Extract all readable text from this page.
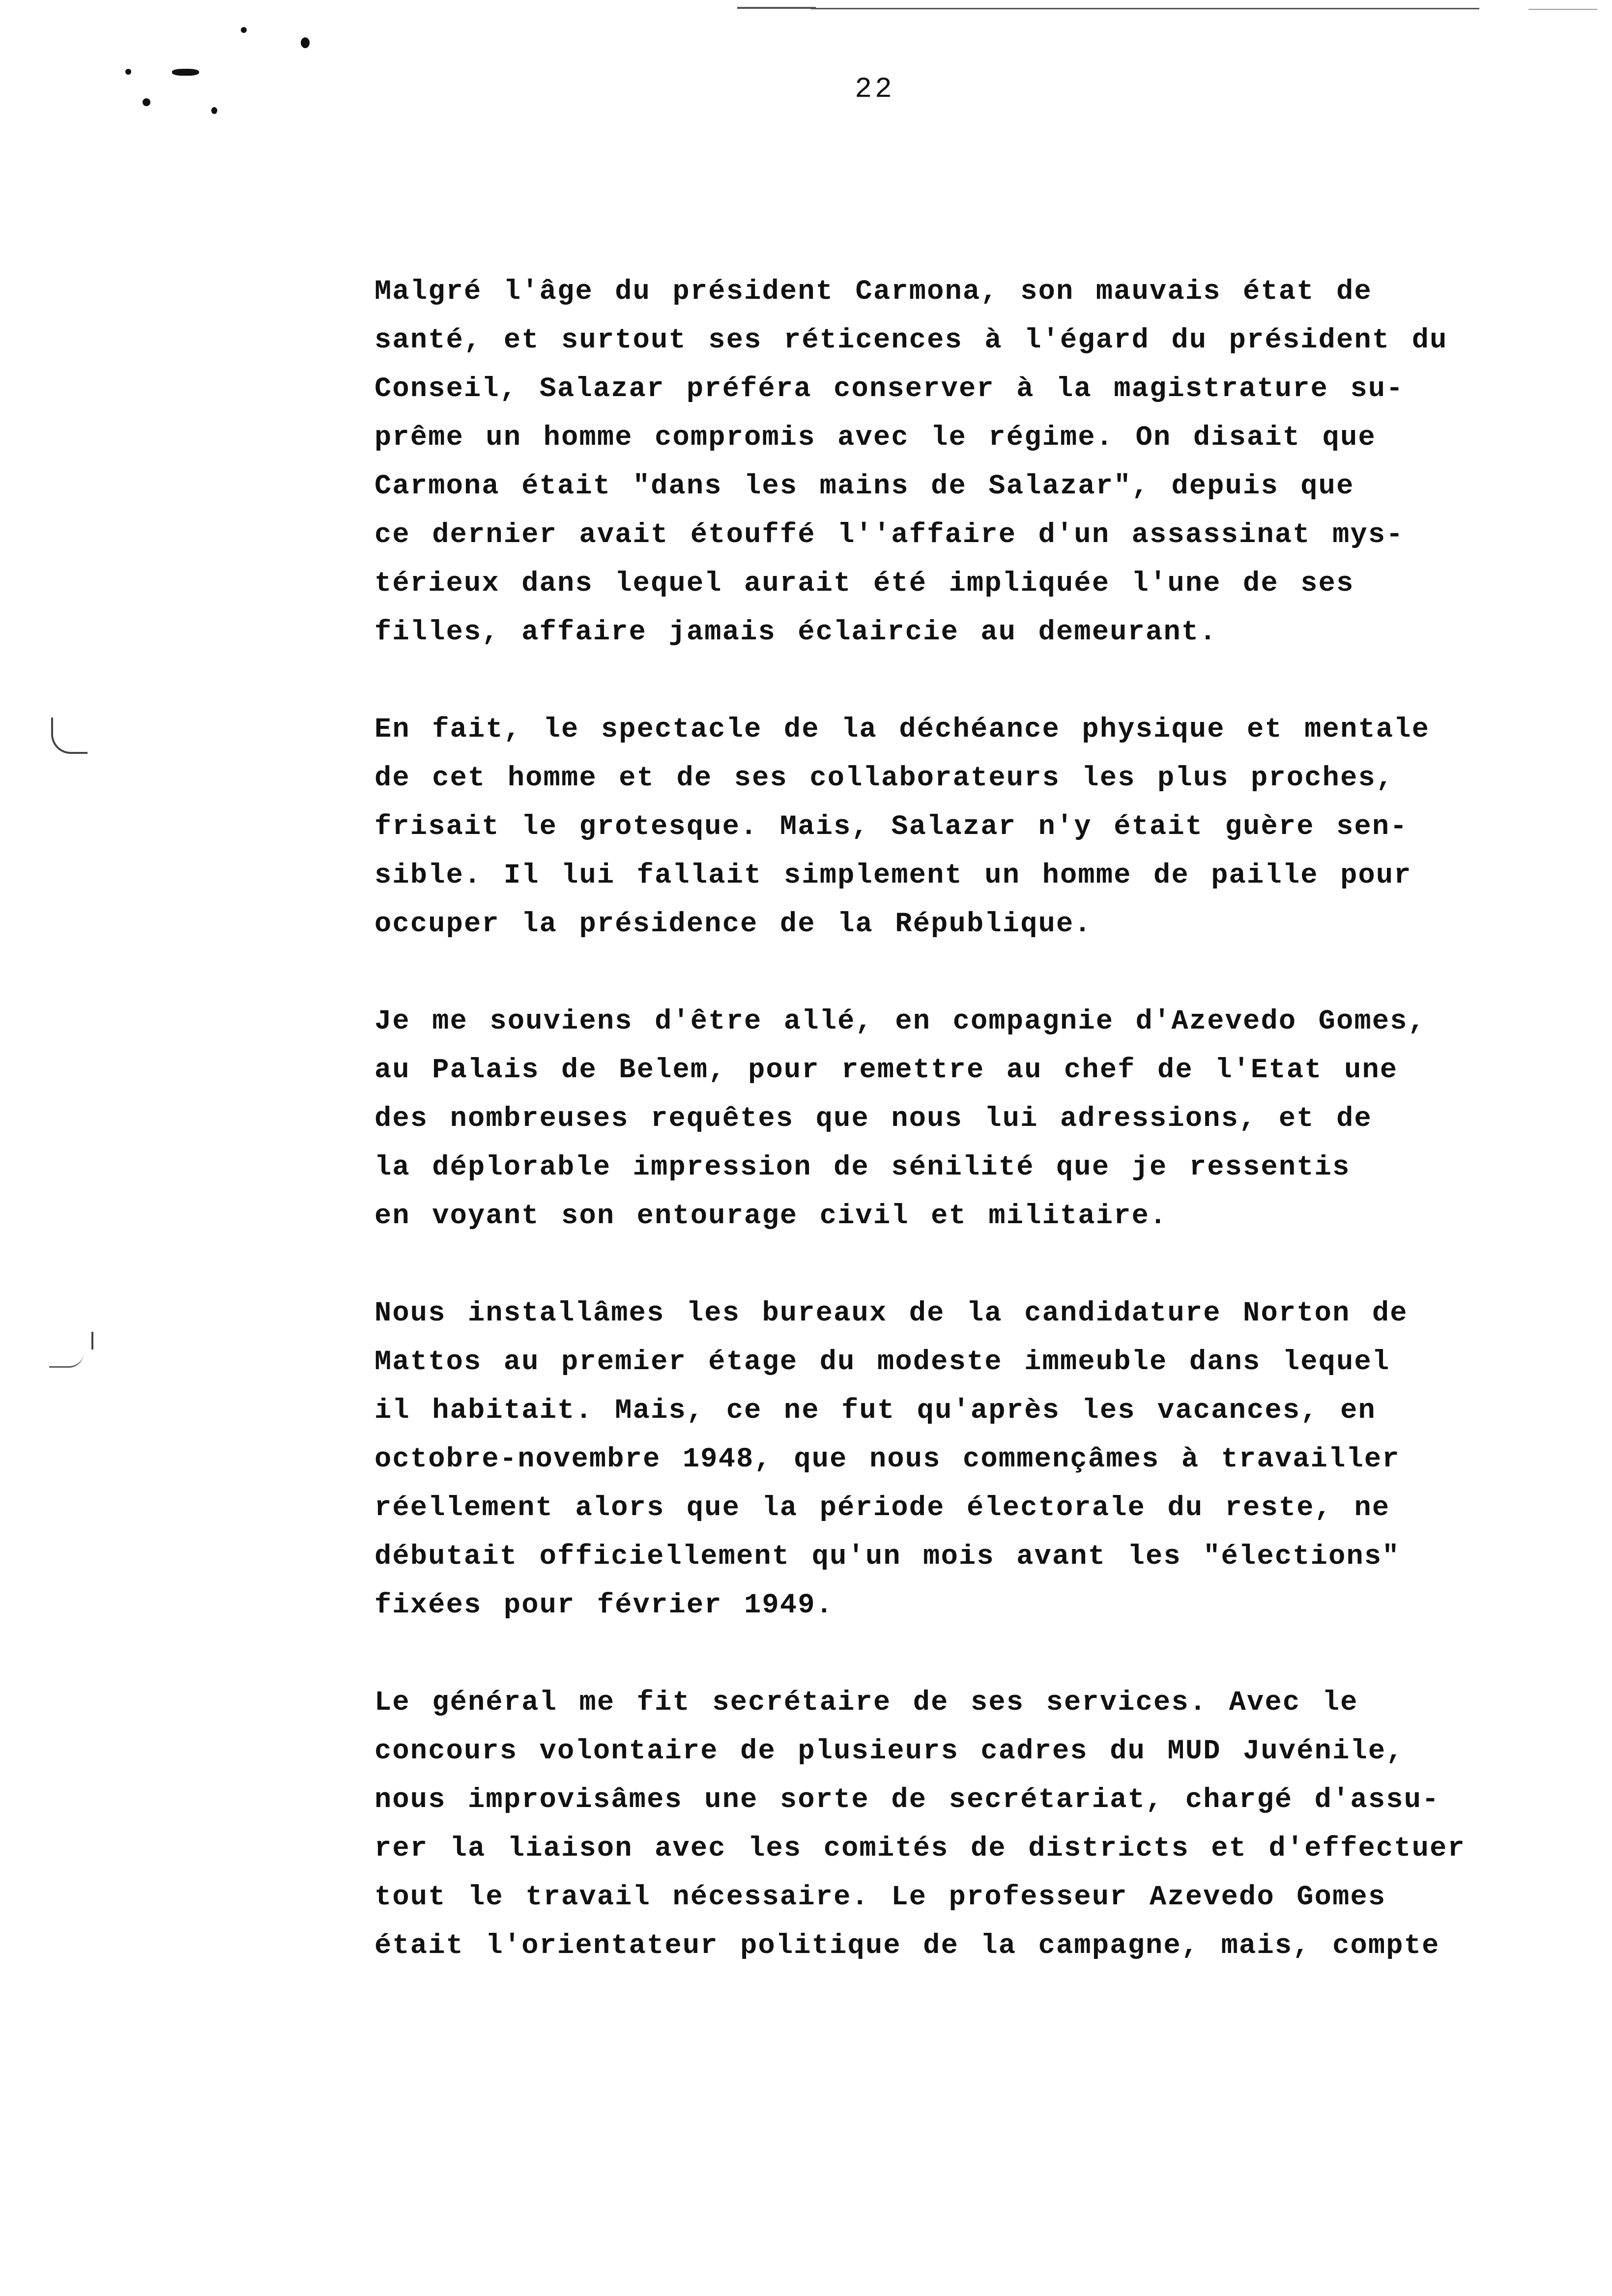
22
Malgré l'âge du président Carmona, son mauvais état de
santé, et surtout ses réticences à l'égard du président du
Conseil, Salazar préféra conserver à la magistrature su-
prême un homme compromis avec le régime. On disait que
Carmona était "dans les mains de Salazar", depuis que
ce dernier avait étouffé l''affaire d'un assassinat mys-
térieux dans lequel aurait été impliquée l'une de ses
filles, affaire jamais éclaircie au demeurant.
En fait, le spectacle de la déchéance physique et mentale
de cet homme et de ses collaborateurs les plus proches,
frisait le grotesque. Mais, Salazar n'y était guère sen-
sible. Il lui fallait simplement un homme de paille pour
occuper la présidence de la République.
Je me souviens d'être allé, en compagnie d'Azevedo Gomes,
au Palais de Belem, pour remettre au chef de l'Etat une
des nombreuses requêtes que nous lui adressions, et de
la déplorable impression de sénilité que je ressentis
en voyant son entourage civil et militaire.
Nous installâmes les bureaux de la candidature Norton de
Mattos au premier étage du modeste immeuble dans lequel
il habitait. Mais, ce ne fut qu'après les vacances, en
octobre-novembre 1948, que nous commençâmes à travailler
réellement alors que la période électorale du reste, ne
débutait officiellement qu'un mois avant les "élections"
fixées pour février 1949.
Le général me fit secrétaire de ses services. Avec le
concours volontaire de plusieurs cadres du MUD Juvénile,
nous improvisâmes une sorte de secrétariat, chargé d'assu-
rer la liaison avec les comités de districts et d'effectuer
tout le travail nécessaire. Le professeur Azevedo Gomes
était l'orientateur politique de la campagne, mais, compte
